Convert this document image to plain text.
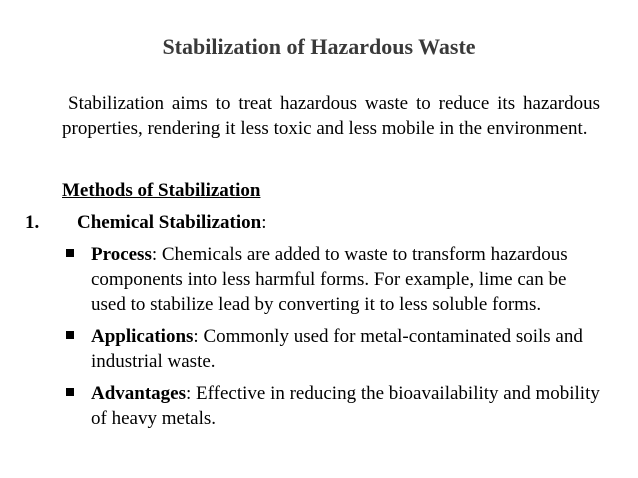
Stabilization of Hazardous Waste
Stabilization aims to treat hazardous waste to reduce its hazardous properties, rendering it less toxic and less mobile in the environment.
Methods of Stabilization
1. Chemical Stabilization:
Process: Chemicals are added to waste to transform hazardous components into less harmful forms. For example, lime can be used to stabilize lead by converting it to less soluble forms.
Applications: Commonly used for metal-contaminated soils and industrial waste.
Advantages: Effective in reducing the bioavailability and mobility of heavy metals.
